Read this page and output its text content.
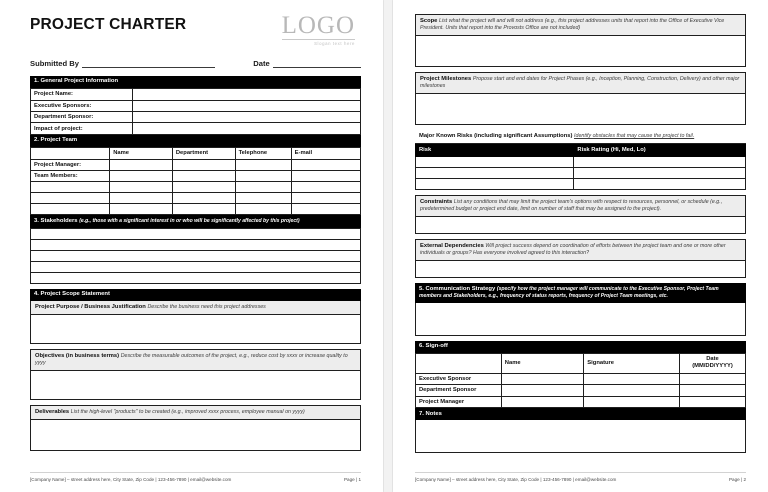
PROJECT CHARTER	LOGO
Slogan text here
Submitted By	Date
1. General Project Information
Project Name:	
Executive Sponsors:	
Department Sponsor:	
Impact of project:	
2. Project Team
	Name	Department	Telephone	E-mail
Project Manager:				
Team Members:				

3. Stakeholders (e.g., those with a significant interest in or who will be significantly affected by this project)

4. Project Scope Statement
Project Purpose / Business Justification Describe the business need this project addresses
Objectives (in business terms) Describe the measurable outcomes of the project, e.g., reduce cost by xxxx or increase quality to yyyy
Deliverables List the high-level "products" to be created (e.g., improved xxxx process, employee manual on yyyy)
[Company Name] – street address here, City State, Zip Code | 123-456-7890 | email@website.com	Page | 1
Scope List what the project will and will not address (e.g., this project addresses units that report into the Office of Executive Vice President. Units that report into the Provosts Office are not included)
Project Milestones Propose start and end dates for Project Phases (e.g., Inception, Planning, Construction, Delivery) and other major milestones
Major Known Risks (including significant Assumptions) Identify obstacles that may cause the project to fail.
Risk	Risk Rating (Hi, Med, Lo)

Constraints List any conditions that may limit the project team's options with respect to resources, personnel, or schedule (e.g., predetermined budget or project end date, limit on number of staff that may be assigned to the project).
External Dependencies Will project success depend on coordination of efforts between the project team and one or more other individuals or groups? Has everyone involved agreed to this interaction?
5. Communication Strategy (specify how the project manager will communicate to the Executive Sponsor, Project Team members and Stakeholders, e.g., frequency of status reports, frequency of Project Team meetings, etc.
6. Sign-off
	Name	Signature	Date
(MM/DD/YYYY)
Executive Sponsor			
Department Sponsor			
Project Manager			
7. Notes
[Company Name] – street address here, City State, Zip Code | 123-456-7890 | email@website.com	Page | 2
